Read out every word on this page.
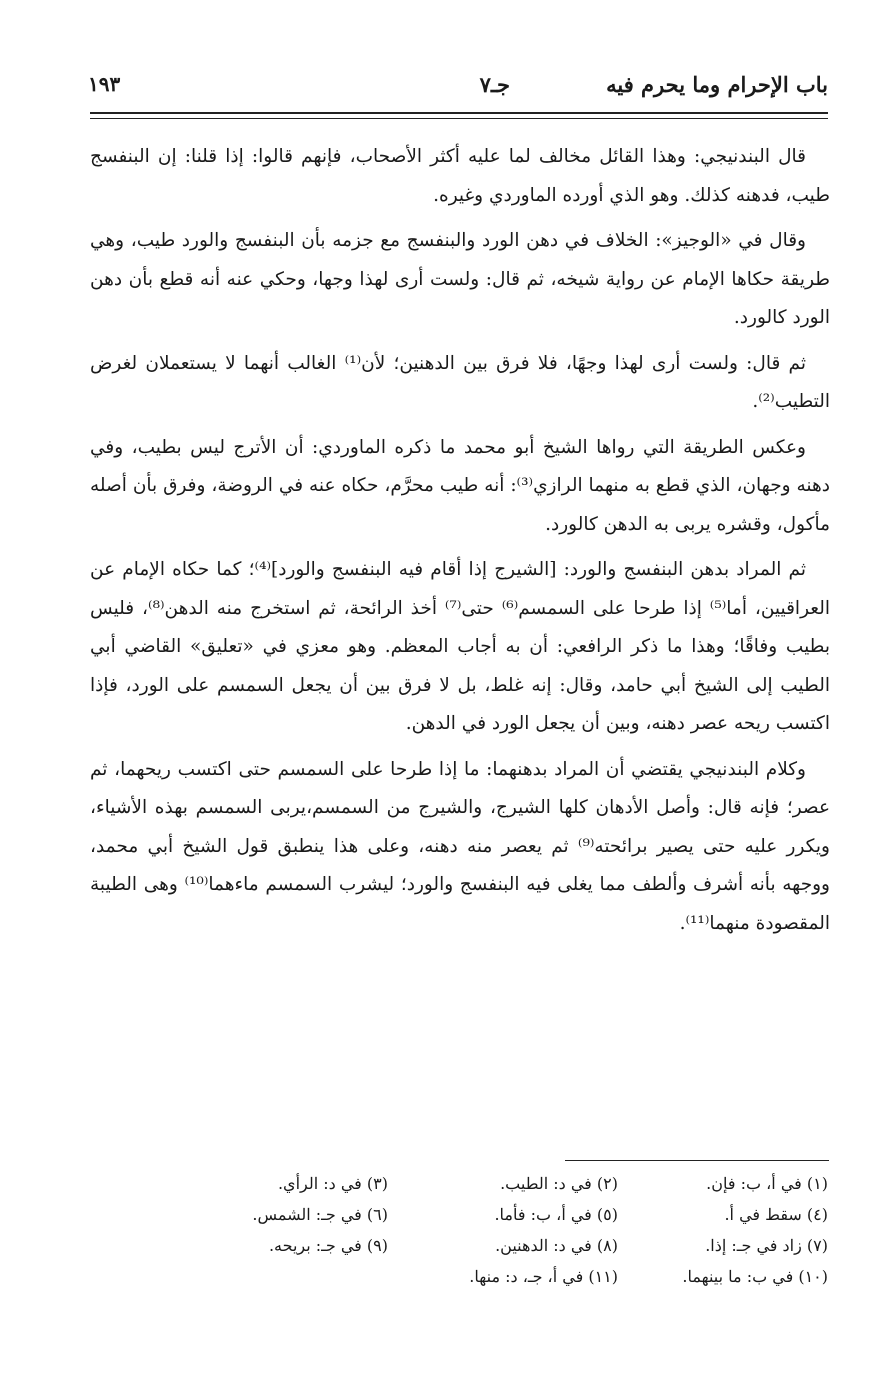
باب الإحرام وما يحرم فيه
جـ٧
١٩٣

قال البندنيجي: وهذا القائل مخالف لما عليه أكثر الأصحاب، فإنهم قالوا: إذا قلنا: إن البنفسج طيب، فدهنه كذلك. وهو الذي أورده الماوردي وغيره.

وقال في «الوجيز»: الخلاف في دهن الورد والبنفسج مع جزمه بأن البنفسج والورد طيب، وهي طريقة حكاها الإمام عن رواية شيخه، ثم قال: ولست أرى لهذا وجها، وحكي عنه أنه قطع بأن دهن الورد كالورد.

ثم قال: ولست أرى لهذا وجهًا، فلا فرق بين الدهنين؛ لأن⁽¹⁾ الغالب أنهما لا يستعملان لغرض التطيب⁽²⁾.

وعكس الطريقة التي رواها الشيخ أبو محمد ما ذكره الماوردي: أن الأترج ليس بطيب، وفي دهنه وجهان، الذي قطع به منهما الرازي⁽³⁾: أنه طيب محرَّم، حكاه عنه في الروضة، وفرق بأن أصله مأكول، وقشره يربى به الدهن كالورد.

ثم المراد بدهن البنفسج والورد: [الشيرج إذا أقام فيه البنفسج والورد]⁽⁴⁾؛ كما حكاه الإمام عن العراقيين، أما⁽⁵⁾ إذا طرحا على السمسم⁽⁶⁾ حتى⁽⁷⁾ أخذ الرائحة، ثم استخرج منه الدهن⁽⁸⁾، فليس بطيب وفاقًا؛ وهذا ما ذكر الرافعي: أن به أجاب المعظم. وهو معزي في «تعليق» القاضي أبي الطيب إلى الشيخ أبي حامد، وقال: إنه غلط، بل لا فرق بين أن يجعل السمسم على الورد، فإذا اكتسب ريحه عصر دهنه، وبين أن يجعل الورد في الدهن.

وكلام البندنيجي يقتضي أن المراد بدهنهما: ما إذا طرحا على السمسم حتى اكتسب ريحهما، ثم عصر؛ فإنه قال: وأصل الأدهان كلها الشيرج، والشيرج من السمسم،يربى السمسم بهذه الأشياء، ويكرر عليه حتى يصير برائحته⁽⁹⁾ ثم يعصر منه دهنه، وعلى هذا ينطبق قول الشيخ أبي محمد، ووجهه بأنه أشرف وألطف مما يغلى فيه البنفسج والورد؛ ليشرب السمسم ماءهما⁽¹⁰⁾ وهى الطيبة المقصودة منهما⁽¹¹⁾.

(١) في أ، ب: فإن.
(٢) في د: الطيب.
(٣) في د: الرأي.
(٤) سقط في أ.
(٥) في أ، ب: فأما.
(٦) في جـ: الشمس.
(٧) زاد في جـ: إذا.
(٨) في د: الدهنين.
(٩) في جـ: بريحه.
(١٠) في ب: ما بينهما.
(١١) في أ، جـ، د: منها.
